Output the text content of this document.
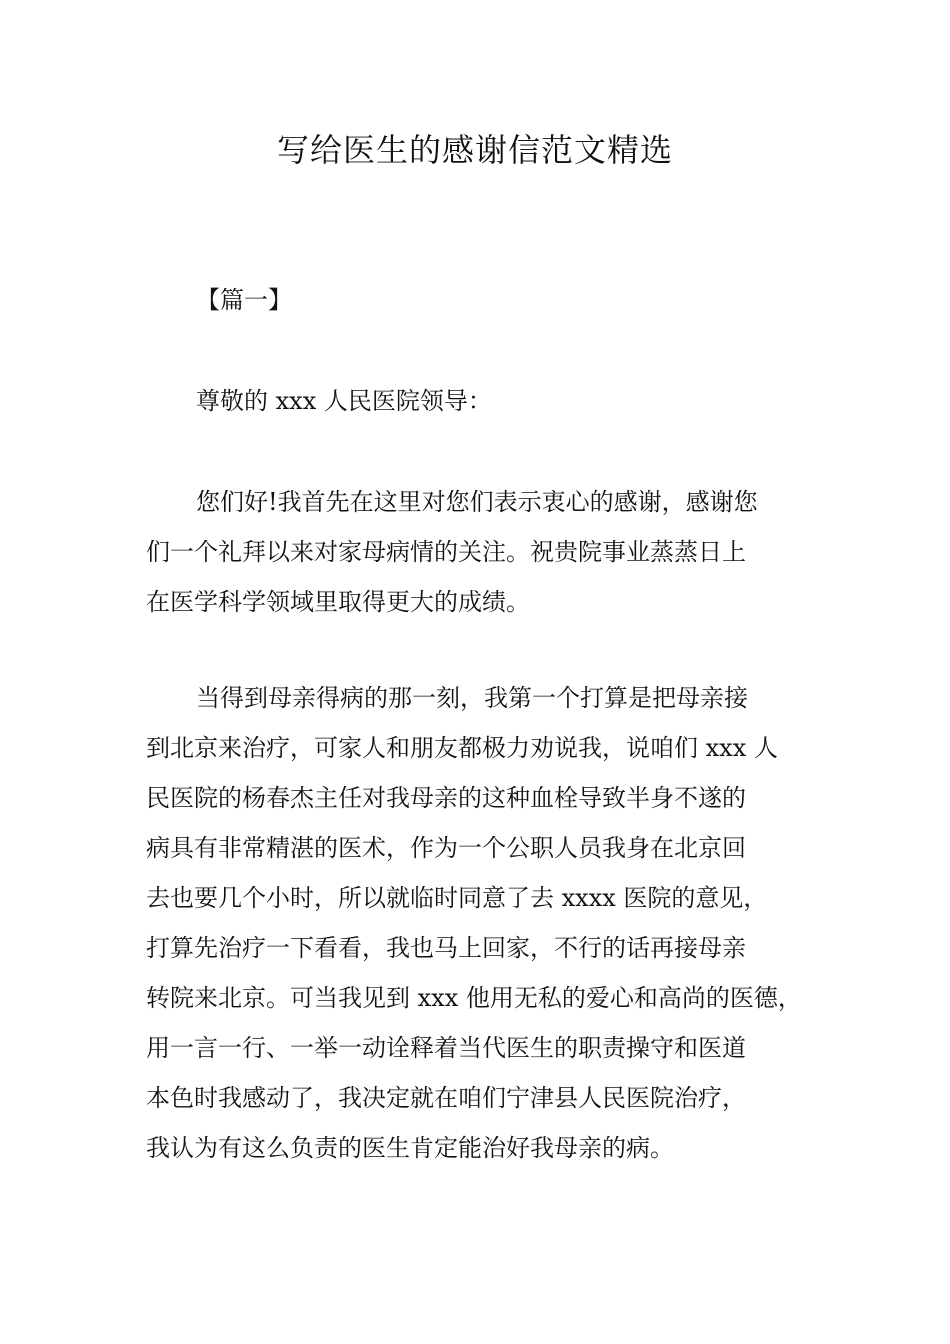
写给医生的感谢信范文精选
【篇一】
尊敬的 xxx 人民医院领导：

您们好!我首先在这里对您们表示衷心的感谢，感谢您
们一个礼拜以来对家母病情的关注。祝贵院事业蒸蒸日上
在医学科学领域里取得更大的成绩。

当得到母亲得病的那一刻，我第一个打算是把母亲接
到北京来治疗，可家人和朋友都极力劝说我，说咱们 xxx 人
民医院的杨春杰主任对我母亲的这种血栓导致半身不遂的
病具有非常精湛的医术，作为一个公职人员我身在北京回
去也要几个小时，所以就临时同意了去 xxxx 医院的意见，
打算先治疗一下看看，我也马上回家，不行的话再接母亲
转院来北京。可当我见到 xxx 他用无私的爱心和高尚的医德，
用一言一行、一举一动诠释着当代医生的职责操守和医道
本色时我感动了，我决定就在咱们宁津县人民医院治疗，
我认为有这么负责的医生肯定能治好我母亲的病。
